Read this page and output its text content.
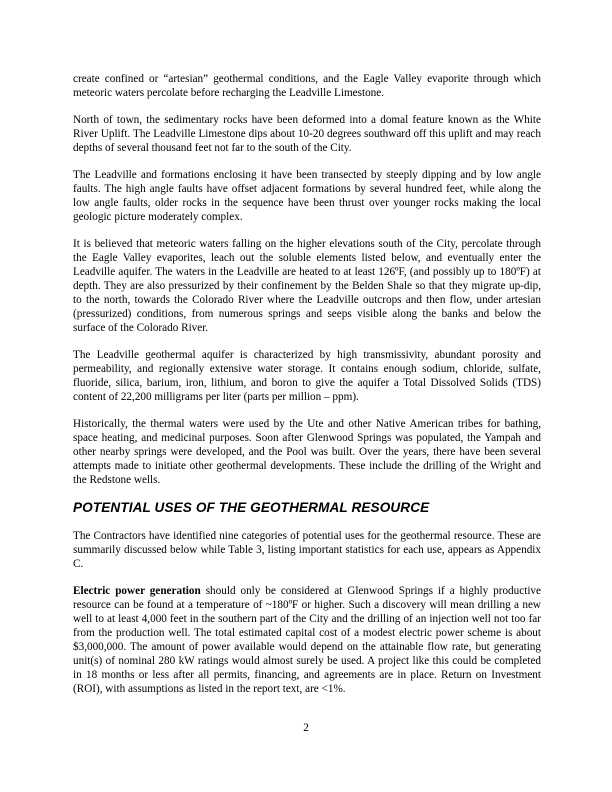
create confined or “artesian” geothermal conditions, and the Eagle Valley evaporite through which meteoric waters percolate before recharging the Leadville Limestone.

North of town, the sedimentary rocks have been deformed into a domal feature known as the White River Uplift. The Leadville Limestone dips about 10-20 degrees southward off this uplift and may reach depths of several thousand feet not far to the south of the City.

The Leadville and formations enclosing it have been transected by steeply dipping and by low angle faults. The high angle faults have offset adjacent formations by several hundred feet, while along the low angle faults, older rocks in the sequence have been thrust over younger rocks making the local geologic picture moderately complex.

It is believed that meteoric waters falling on the higher elevations south of the City, percolate through the Eagle Valley evaporites, leach out the soluble elements listed below, and eventually enter the Leadville aquifer. The waters in the Leadville are heated to at least 126ºF, (and possibly up to 180ºF) at depth. They are also pressurized by their confinement by the Belden Shale so that they migrate up-dip, to the north, towards the Colorado River where the Leadville outcrops and then flow, under artesian (pressurized) conditions, from numerous springs and seeps visible along the banks and below the surface of the Colorado River.

The Leadville geothermal aquifer is characterized by high transmissivity, abundant porosity and permeability, and regionally extensive water storage. It contains enough sodium, chloride, sulfate, fluoride, silica, barium, iron, lithium, and boron to give the aquifer a Total Dissolved Solids (TDS) content of 22,200 milligrams per liter (parts per million – ppm).

Historically, the thermal waters were used by the Ute and other Native American tribes for bathing, space heating, and medicinal purposes. Soon after Glenwood Springs was populated, the Yampah and other nearby springs were developed, and the Pool was built. Over the years, there have been several attempts made to initiate other geothermal developments. These include the drilling of the Wright and the Redstone wells.

POTENTIAL USES OF THE GEOTHERMAL RESOURCE

The Contractors have identified nine categories of potential uses for the geothermal resource. These are summarily discussed below while Table 3, listing important statistics for each use, appears as Appendix C.

Electric power generation should only be considered at Glenwood Springs if a highly productive resource can be found at a temperature of ~180ºF or higher. Such a discovery will mean drilling a new well to at least 4,000 feet in the southern part of the City and the drilling of an injection well not too far from the production well. The total estimated capital cost of a modest electric power scheme is about $3,000,000. The amount of power available would depend on the attainable flow rate, but generating unit(s) of nominal 280 kW ratings would almost surely be used. A project like this could be completed in 18 months or less after all permits, financing, and agreements are in place. Return on Investment (ROI), with assumptions as listed in the report text, are <1%.

2
